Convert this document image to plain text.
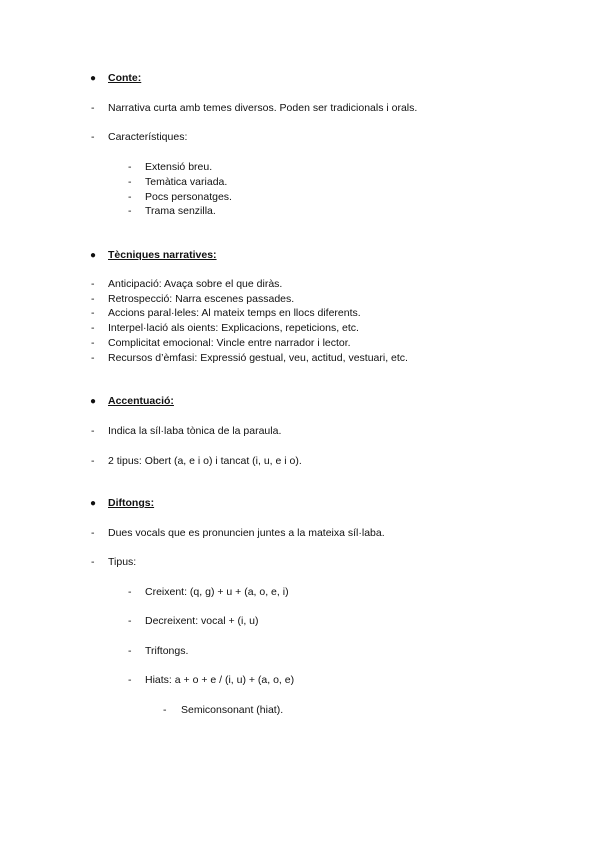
● Conte:
- Narrativa curta amb temes diversos. Poden ser tradicionals i orals.
- Característiques:
- Extensió breu.
- Temàtica variada.
- Pocs personatges.
- Trama senzilla.
● Tècniques narratives:
- Anticipació: Avaça sobre el que diràs.
- Retrospecció: Narra escenes passades.
- Accions paral·leles: Al mateix temps en llocs diferents.
- Interpel·lació als oients: Explicacions, repeticions, etc.
- Complicitat emocional: Vincle entre narrador i lector.
- Recursos d’èmfasi: Expressió gestual, veu, actitud, vestuari, etc.
● Accentuació:
- Indica la síl·laba tònica de la paraula.
- 2 tipus: Obert (a, e i o) i tancat (i, u, e i o).
● Diftongs:
- Dues vocals que es pronuncien juntes a la mateixa síl·laba.
- Tipus:
- Creixent: (q, g) + u + (a, o, e, i)
- Decreixent: vocal + (i, u)
- Triftongs.
- Hiats: a + o + e / (i, u) + (a, o, e)
- Semiconsonant (hiat).
